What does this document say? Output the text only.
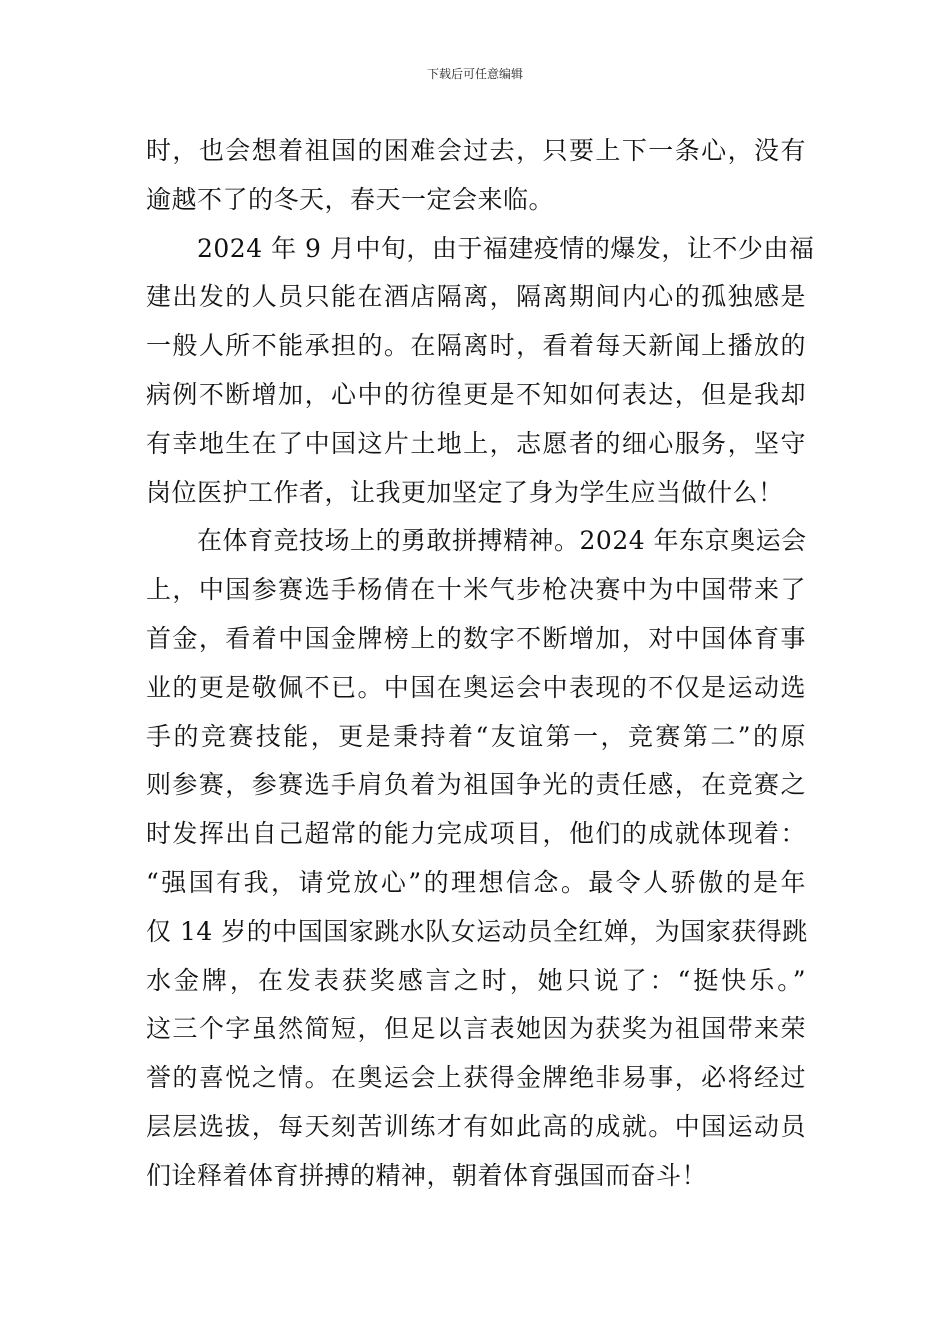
下载后可任意编辑
时，也会想着祖国的困难会过去，只要上下一条心，没有
逾越不了的冬天，春天一定会来临。
　　2024 年 9 月中旬，由于福建疫情的爆发，让不少由福
建出发的人员只能在酒店隔离，隔离期间内心的孤独感是
一般人所不能承担的。在隔离时，看着每天新闻上播放的
病例不断增加，心中的彷徨更是不知如何表达，但是我却
有幸地生在了中国这片土地上，志愿者的细心服务，坚守
岗位医护工作者，让我更加坚定了身为学生应当做什么！
　　在体育竞技场上的勇敢拼搏精神。2024 年东京奥运会
上，中国参赛选手杨倩在十米气步枪决赛中为中国带来了
首金，看着中国金牌榜上的数字不断增加，对中国体育事
业的更是敬佩不已。中国在奥运会中表现的不仅是运动选
手的竞赛技能，更是秉持着“友谊第一，竞赛第二”的原
则参赛，参赛选手肩负着为祖国争光的责任感，在竞赛之
时发挥出自己超常的能力完成项目，他们的成就体现着：
“强国有我，请党放心”的理想信念。最令人骄傲的是年
仅 14 岁的中国国家跳水队女运动员全红婵，为国家获得跳
水金牌，在发表获奖感言之时，她只说了：“挺快乐。”
这三个字虽然简短，但足以言表她因为获奖为祖国带来荣
誉的喜悦之情。在奥运会上获得金牌绝非易事，必将经过
层层选拔，每天刻苦训练才有如此高的成就。中国运动员
们诠释着体育拼搏的精神，朝着体育强国而奋斗！
